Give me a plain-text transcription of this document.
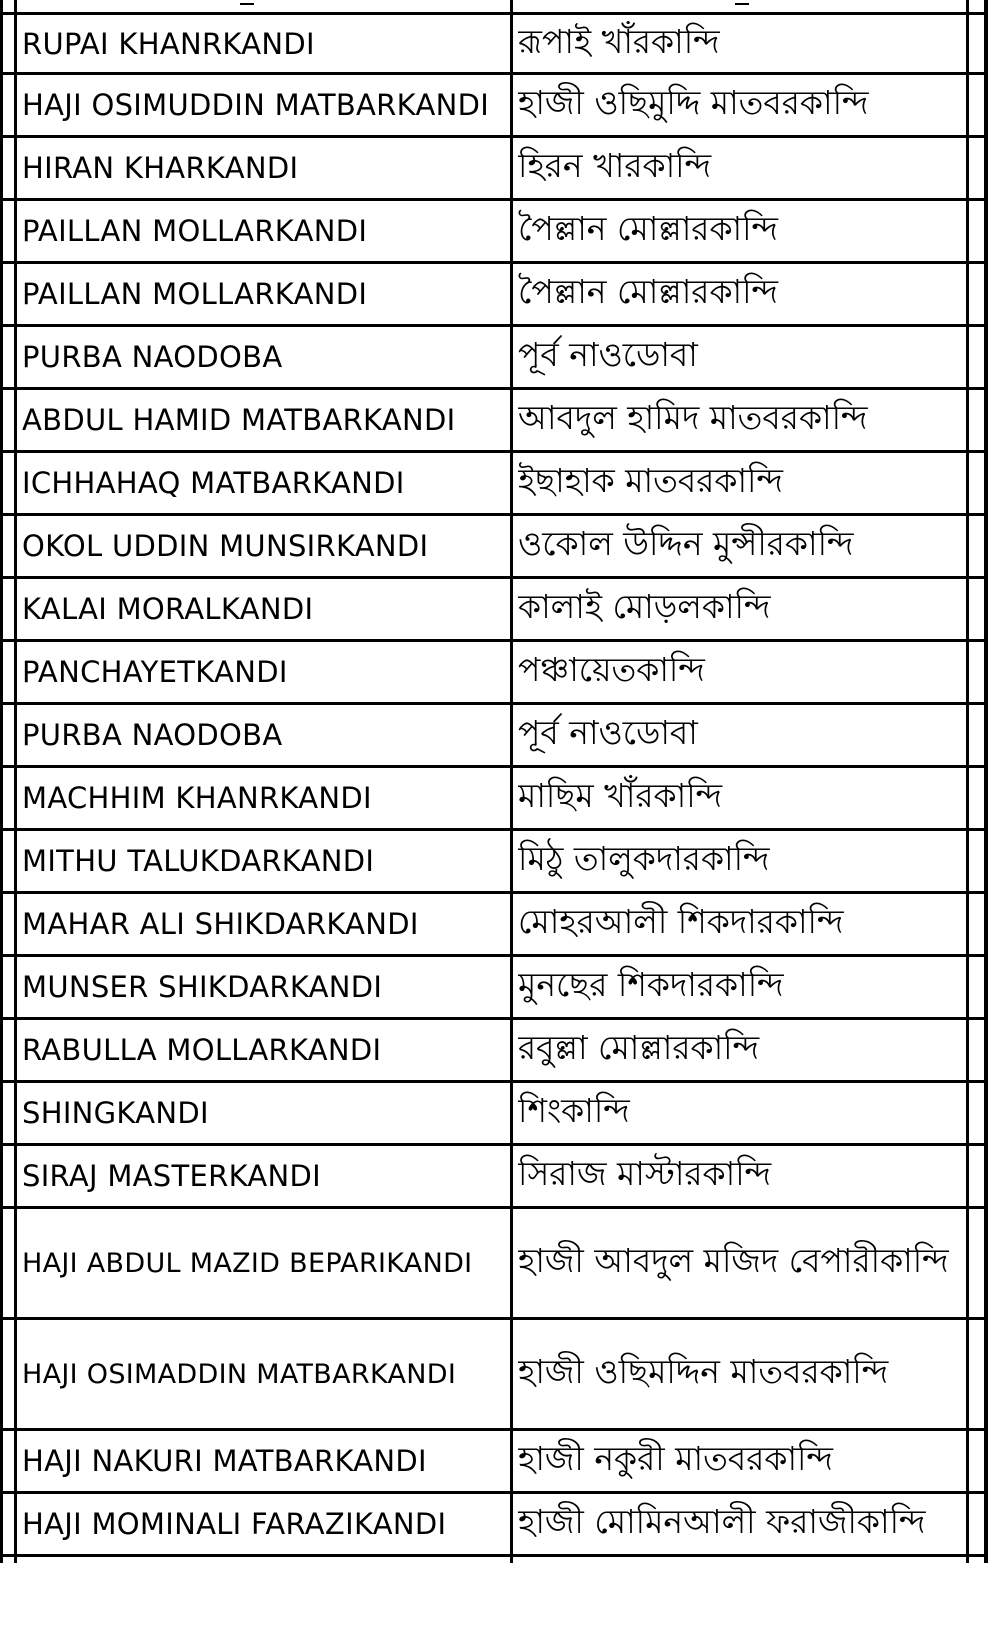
RUPAI KHANRKANDI	রূপাই খাঁরকান্দি
HAJI OSIMUDDIN MATBARKANDI হাজী ওছিমুদ্দি মাতবরকান্দি
HIRAN KHARKANDI	হিরন খারকান্দি
PAILLAN MOLLARKANDI	পৈল্লান মোল্লারকান্দি
PAILLAN MOLLARKANDI	পৈল্লান মোল্লারকান্দি
PURBA NAODOBA	পূর্ব নাওডোবা
ABDUL HAMID MATBARKANDI	আবদুল হামিদ মাতবরকান্দি
ICHHAHAQ MATBARKANDI	ইছাহাক মাতবরকান্দি
OKOL UDDIN MUNSIRKANDI	ওকোল উদ্দিন মুন্সীরকান্দি
KALAI MORALKANDI	কালাই মোড়লকান্দি
PANCHAYETKANDI	পঞ্চায়েতকান্দি
PURBA NAODOBA	পূর্ব নাওডোবা
MACHHIM KHANRKANDI	মাছিম খাঁরকান্দি
MITHU TALUKDARKANDI	মিঠু তালুকদারকান্দি
MAHAR ALI SHIKDARKANDI	মোহরআলী শিকদারকান্দি
MUNSER SHIKDARKANDI	মুনছের শিকদারকান্দি
RABULLA MOLLARKANDI	রবুল্লা মোল্লারকান্দি
SHINGKANDI	শিংকান্দি
SIRAJ MASTERKANDI	সিরাজ মাস্টারকান্দি
HAJI ABDUL MAZID BEPARIKANDI	হাজী আবদুল মজিদ বেপারীকান্দি
HAJI OSIMADDIN MATBARKANDI	হাজী ওছিমদ্দিন মাতবরকান্দি
HAJI NAKURI MATBARKANDI	হাজী নকুরী মাতবরকান্দি
HAJI MOMINALI FARAZIKANDI	হাজী মোমিনআলী ফরাজীকান্দি
